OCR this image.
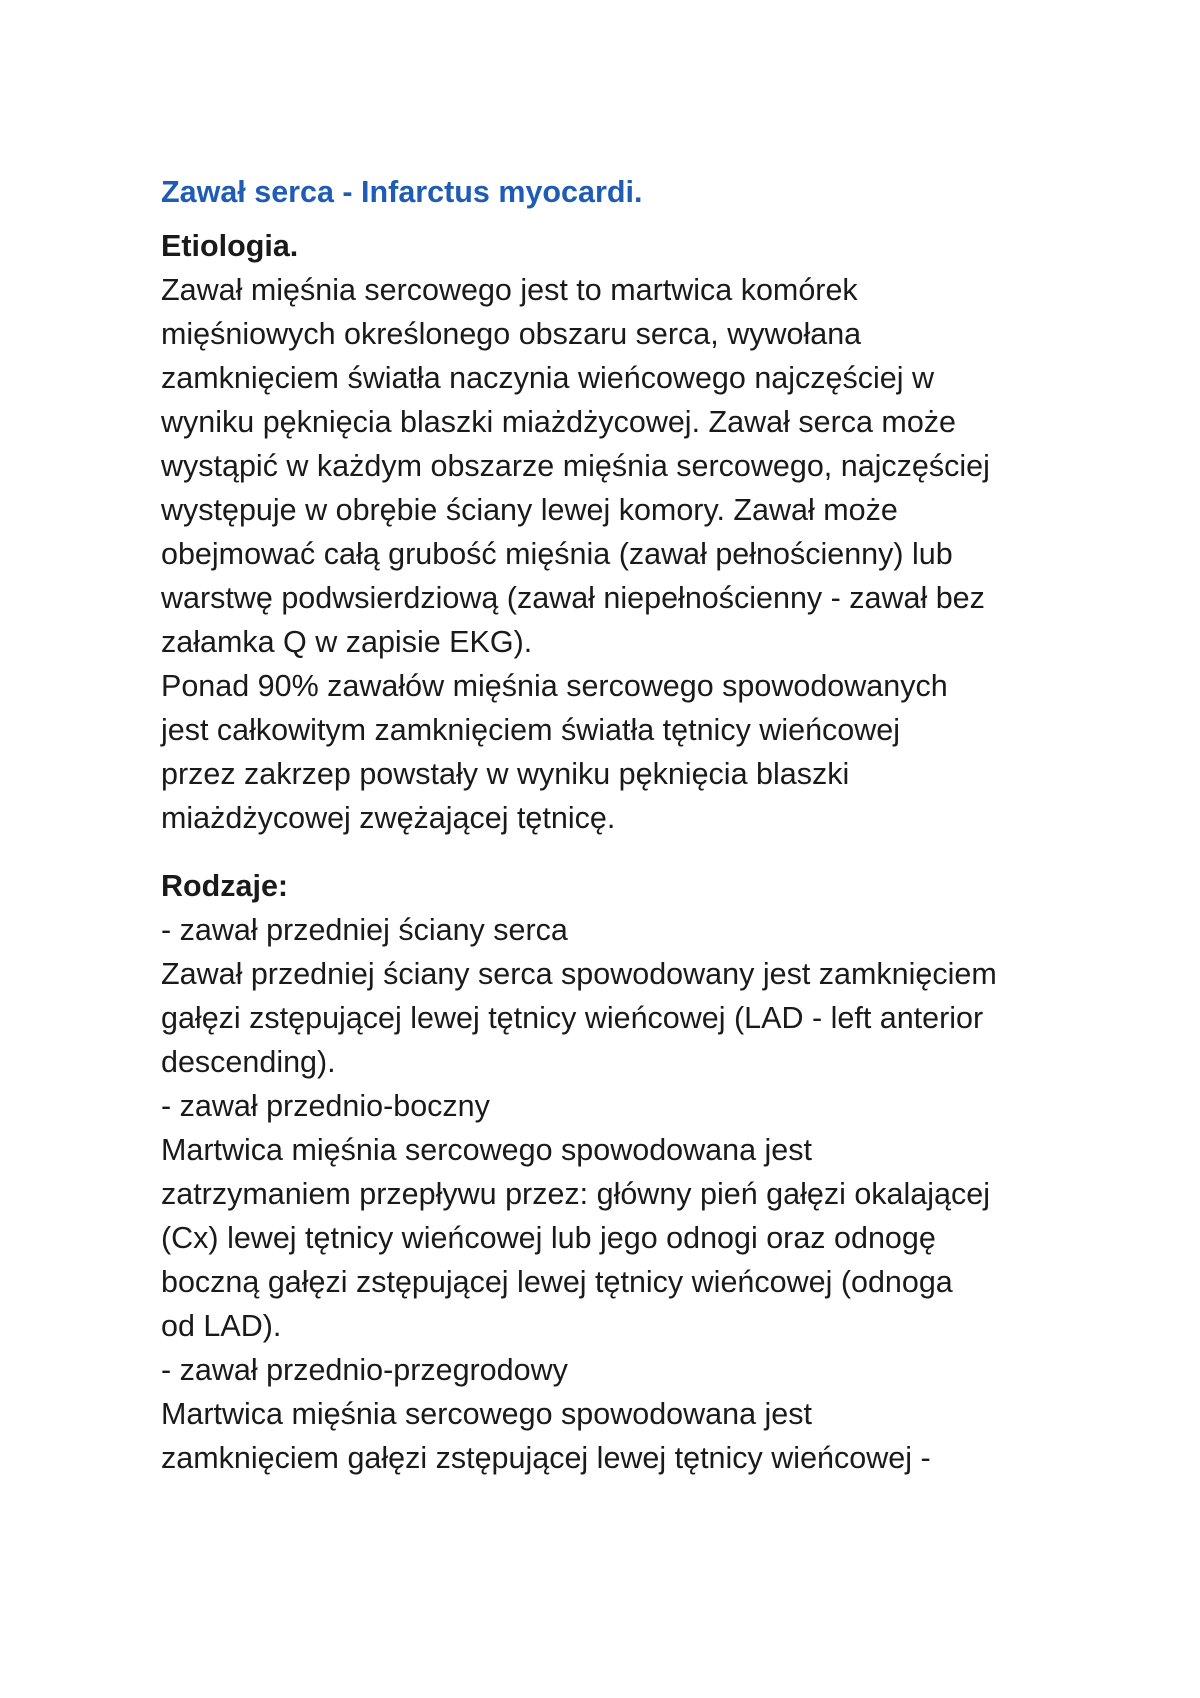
Zawał serca - Infarctus myocardi.
Etiologia.
Zawał mięśnia sercowego jest to martwica komórek
mięśniowych określonego obszaru serca, wywołana
zamknięciem światła naczynia wieńcowego najczęściej w
wyniku pęknięcia blaszki miażdżycowej. Zawał serca może
wystąpić w każdym obszarze mięśnia sercowego, najczęściej
występuje w obrębie ściany lewej komory. Zawał może
obejmować całą grubość mięśnia (zawał pełnościenny) lub
warstwę podwsierdziową (zawał niepełnościenny - zawał bez
załamka Q w zapisie EKG).
Ponad 90% zawałów mięśnia sercowego spowodowanych
jest całkowitym zamknięciem światła tętnicy wieńcowej
przez zakrzep powstały w wyniku pęknięcia blaszki
miażdżycowej zwężającej tętnicę.
Rodzaje:
- zawał przedniej ściany serca
Zawał przedniej ściany serca spowodowany jest zamknięciem
gałęzi zstępującej lewej tętnicy wieńcowej (LAD - left anterior
descending).
- zawał przednio-boczny
Martwica mięśnia sercowego spowodowana jest
zatrzymaniem przepływu przez: główny pień gałęzi okalającej
(Cx) lewej tętnicy wieńcowej lub jego odnogi oraz odnogę
boczną gałęzi zstępującej lewej tętnicy wieńcowej (odnoga
od LAD).
- zawał przednio-przegrodowy
Martwica mięśnia sercowego spowodowana jest
zamknięciem gałęzi zstępującej lewej tętnicy wieńcowej -
